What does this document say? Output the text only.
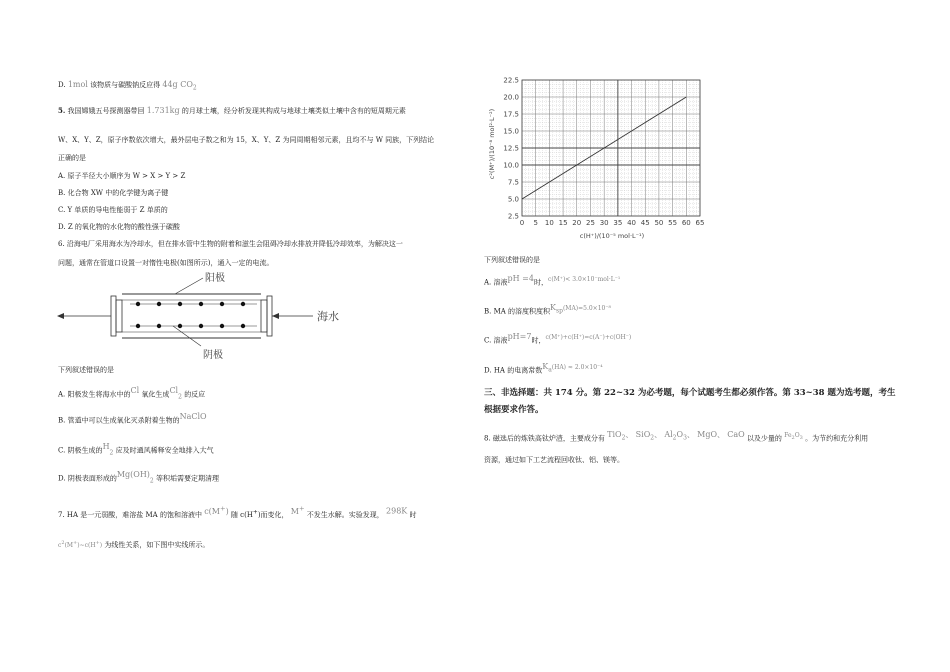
D. 1mol 该物质与碳酸钠反应得 44g $CO_2$
5. 我国嫦娥五号探测器带回 1.731kg 的月球土壤，经分析发现其构成与地球土壤类似土壤中含有的短周期元素
W、X、Y、Z，原子序数依次增大，最外层电子数之和为 15，X、Y、Z 为同周期相邻元素，且均不与 W 同族，下列结论
正确的是
A. 原子半径大小顺序为 W > X > Y > Z
B. 化合物 XW 中的化学键为离子键
C. Y 单质的导电性能弱于 Z 单质的
D. Z 的氧化物的水化物的酸性强于碳酸
6. 沿海电厂采用海水为冷却水，但在排水管中生物的附着和滋生会阻碍冷却水排放并降低冷却效率，为解决这一
问题，通常在管道口设置一对惰性电极(如图所示)，通入一定的电流。
阳极
阴极
海水
下列叙述错误的是
A. 阳极发生将海水中的$^{Cl}$ 氧化生成$^{Cl}_2$ 的反应
B. 管道中可以生成氧化灭杀附着生物的$^{NaClO}$
C. 阴极生成的$^H_2$ 应及时通风稀释安全地排入大气
D. 阴极表面形成的$^{Mg(OH)}_2$ 等积垢需要定期清理
7. HA 是一元弱酸，难溶盐 MA 的饱和溶液中 $^{c(M^+)}$ 随 c(H+)而变化， $^{M^+}$ 不发生水解。实验发现， $^{298K}$ 时
$c^2(M^+)\sim c(H^+)$ 为线性关系，如下图中实线所示。
0 5 10 15 20 25 30 35 40 45 50 55 60 65
2.5
5.0
7.5
10.0
12.5
15.0
17.5
20.0
22.5
c(H⁺)/(10⁻⁵ mol·L⁻¹)
c²(M⁺)/(10⁻⁸ mol²·L⁻²)
下列叙述错误的是
A. 溶液$^{pH =4}$时，$^{c(M^+)< 3.0\times 10^-mol\cdot L^{-1}}$
B. MA 的溶度积度积$^{K_{sp}(MA)=5.0\times 10^{-8}}$
C. 溶液$^{pH=7}$时，$^{c(M^+)+c(H^+)=c(A^-)+c(OH^-)}$
D. HA 的电离常数$^{K_a(HA) \approx 2.0\times 10^{-4}}$
三、非选择题：共 174 分。第 22~32 为必考题，每个试题考生都必须作答。第 33~38 题为选考题，考生
根据要求作答。
8. 磁选后的炼铁高钛炉渣，主要成分有 $^{TiO_2、}$ $^{SiO_2、}$ $^{Al_2O_3、}$ $^{MgO、}$ $^{CaO}$ 以及少量的 $^{Fe_2O_3}$ 。为节约和充分利用
资源，通过如下工艺流程回收钛、铝、镁等。
